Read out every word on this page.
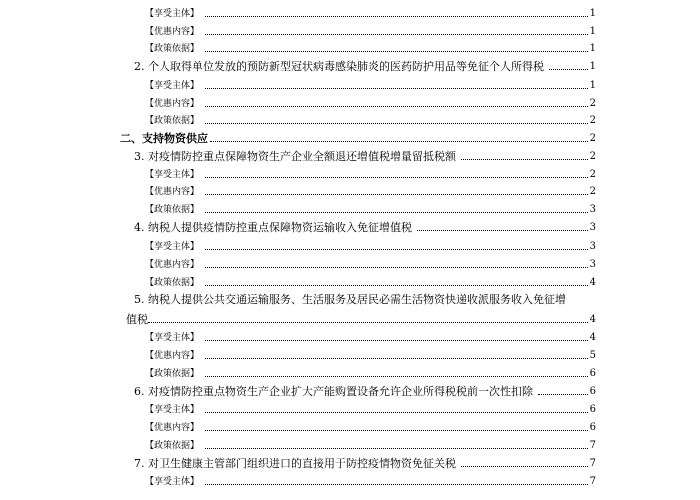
【享受主体】	1
【优惠内容】	1
【政策依据】	1
2. 个人取得单位发放的预防新型冠状病毒感染肺炎的医药防护用品等免征个人所得税	1
【享受主体】	1
【优惠内容】	2
【政策依据】	2
二、支持物资供应	2
3. 对疫情防控重点保障物资生产企业全额退还增值税增量留抵税额	2
【享受主体】	2
【优惠内容】	2
【政策依据】	3
4. 纳税人提供疫情防控重点保障物资运输收入免征增值税	3
【享受主体】	3
【优惠内容】	3
【政策依据】	4
5. 纳税人提供公共交通运输服务、生活服务及居民必需生活物资快递收派服务收入免征增
值税	4
【享受主体】	4
【优惠内容】	5
【政策依据】	6
6. 对疫情防控重点物资生产企业扩大产能购置设备允许企业所得税税前一次性扣除	6
【享受主体】	6
【优惠内容】	6
【政策依据】	7
7. 对卫生健康主管部门组织进口的直接用于防控疫情物资免征关税	7
【享受主体】	7
